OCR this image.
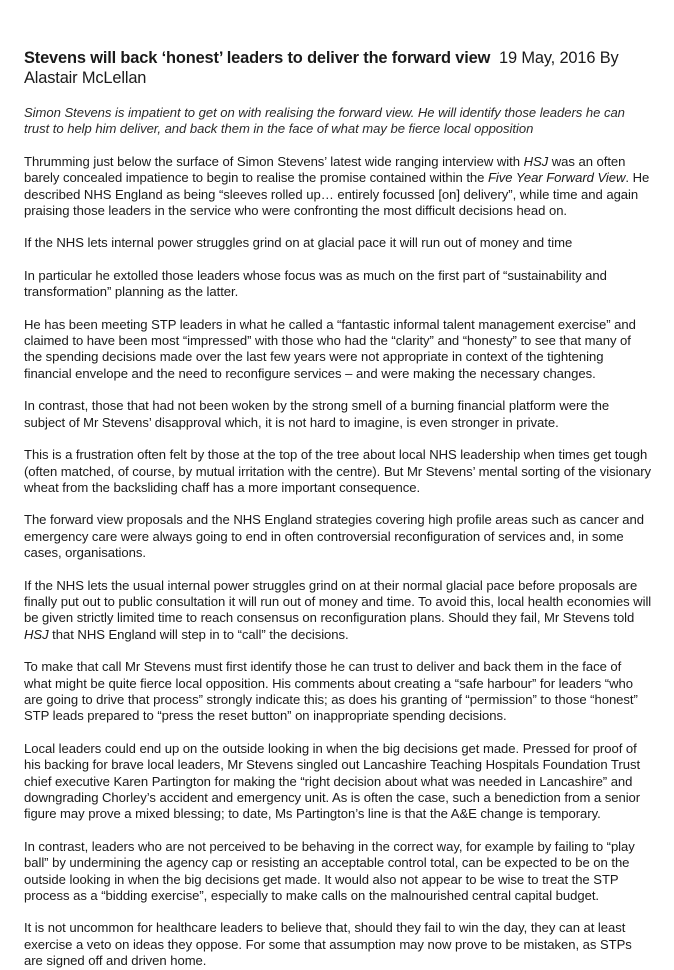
Stevens will back ‘honest’ leaders to deliver the forward view 19 May, 2016 By Alastair McLellan

Simon Stevens is impatient to get on with realising the forward view. He will identify those leaders he can trust to help him deliver, and back them in the face of what may be fierce local opposition

Thrumming just below the surface of Simon Stevens’ latest wide ranging interview with HSJ was an often barely concealed impatience to begin to realise the promise contained within the Five Year Forward View. He described NHS England as being “sleeves rolled up… entirely focussed [on] delivery”, while time and again praising those leaders in the service who were confronting the most difficult decisions head on.

If the NHS lets internal power struggles grind on at glacial pace it will run out of money and time

In particular he extolled those leaders whose focus was as much on the first part of “sustainability and transformation” planning as the latter.

He has been meeting STP leaders in what he called a “fantastic informal talent management exercise” and claimed to have been most “impressed” with those who had the “clarity” and “honesty” to see that many of the spending decisions made over the last few years were not appropriate in context of the tightening financial envelope and the need to reconfigure services – and were making the necessary changes.

In contrast, those that had not been woken by the strong smell of a burning financial platform were the subject of Mr Stevens’ disapproval which, it is not hard to imagine, is even stronger in private.

This is a frustration often felt by those at the top of the tree about local NHS leadership when times get tough (often matched, of course, by mutual irritation with the centre). But Mr Stevens’ mental sorting of the visionary wheat from the backsliding chaff has a more important consequence.

The forward view proposals and the NHS England strategies covering high profile areas such as cancer and emergency care were always going to end in often controversial reconfiguration of services and, in some cases, organisations.

If the NHS lets the usual internal power struggles grind on at their normal glacial pace before proposals are finally put out to public consultation it will run out of money and time. To avoid this, local health economies will be given strictly limited time to reach consensus on reconfiguration plans. Should they fail, Mr Stevens told HSJ that NHS England will step in to “call” the decisions.

To make that call Mr Stevens must first identify those he can trust to deliver and back them in the face of what might be quite fierce local opposition. His comments about creating a “safe harbour” for leaders “who are going to drive that process” strongly indicate this; as does his granting of “permission” to those “honest” STP leads prepared to “press the reset button” on inappropriate spending decisions.

Local leaders could end up on the outside looking in when the big decisions get made. Pressed for proof of his backing for brave local leaders, Mr Stevens singled out Lancashire Teaching Hospitals Foundation Trust chief executive Karen Partington for making the “right decision about what was needed in Lancashire” and downgrading Chorley’s accident and emergency unit. As is often the case, such a benediction from a senior figure may prove a mixed blessing; to date, Ms Partington’s line is that the A&E change is temporary.

In contrast, leaders who are not perceived to be behaving in the correct way, for example by failing to “play ball” by undermining the agency cap or resisting an acceptable control total, can be expected to be on the outside looking in when the big decisions get made. It would also not appear to be wise to treat the STP process as a “bidding exercise”, especially to make calls on the malnourished central capital budget.

It is not uncommon for healthcare leaders to believe that, should they fail to win the day, they can at least exercise a veto on ideas they oppose. For some that assumption may now prove to be mistaken, as STPs are signed off and driven home.
